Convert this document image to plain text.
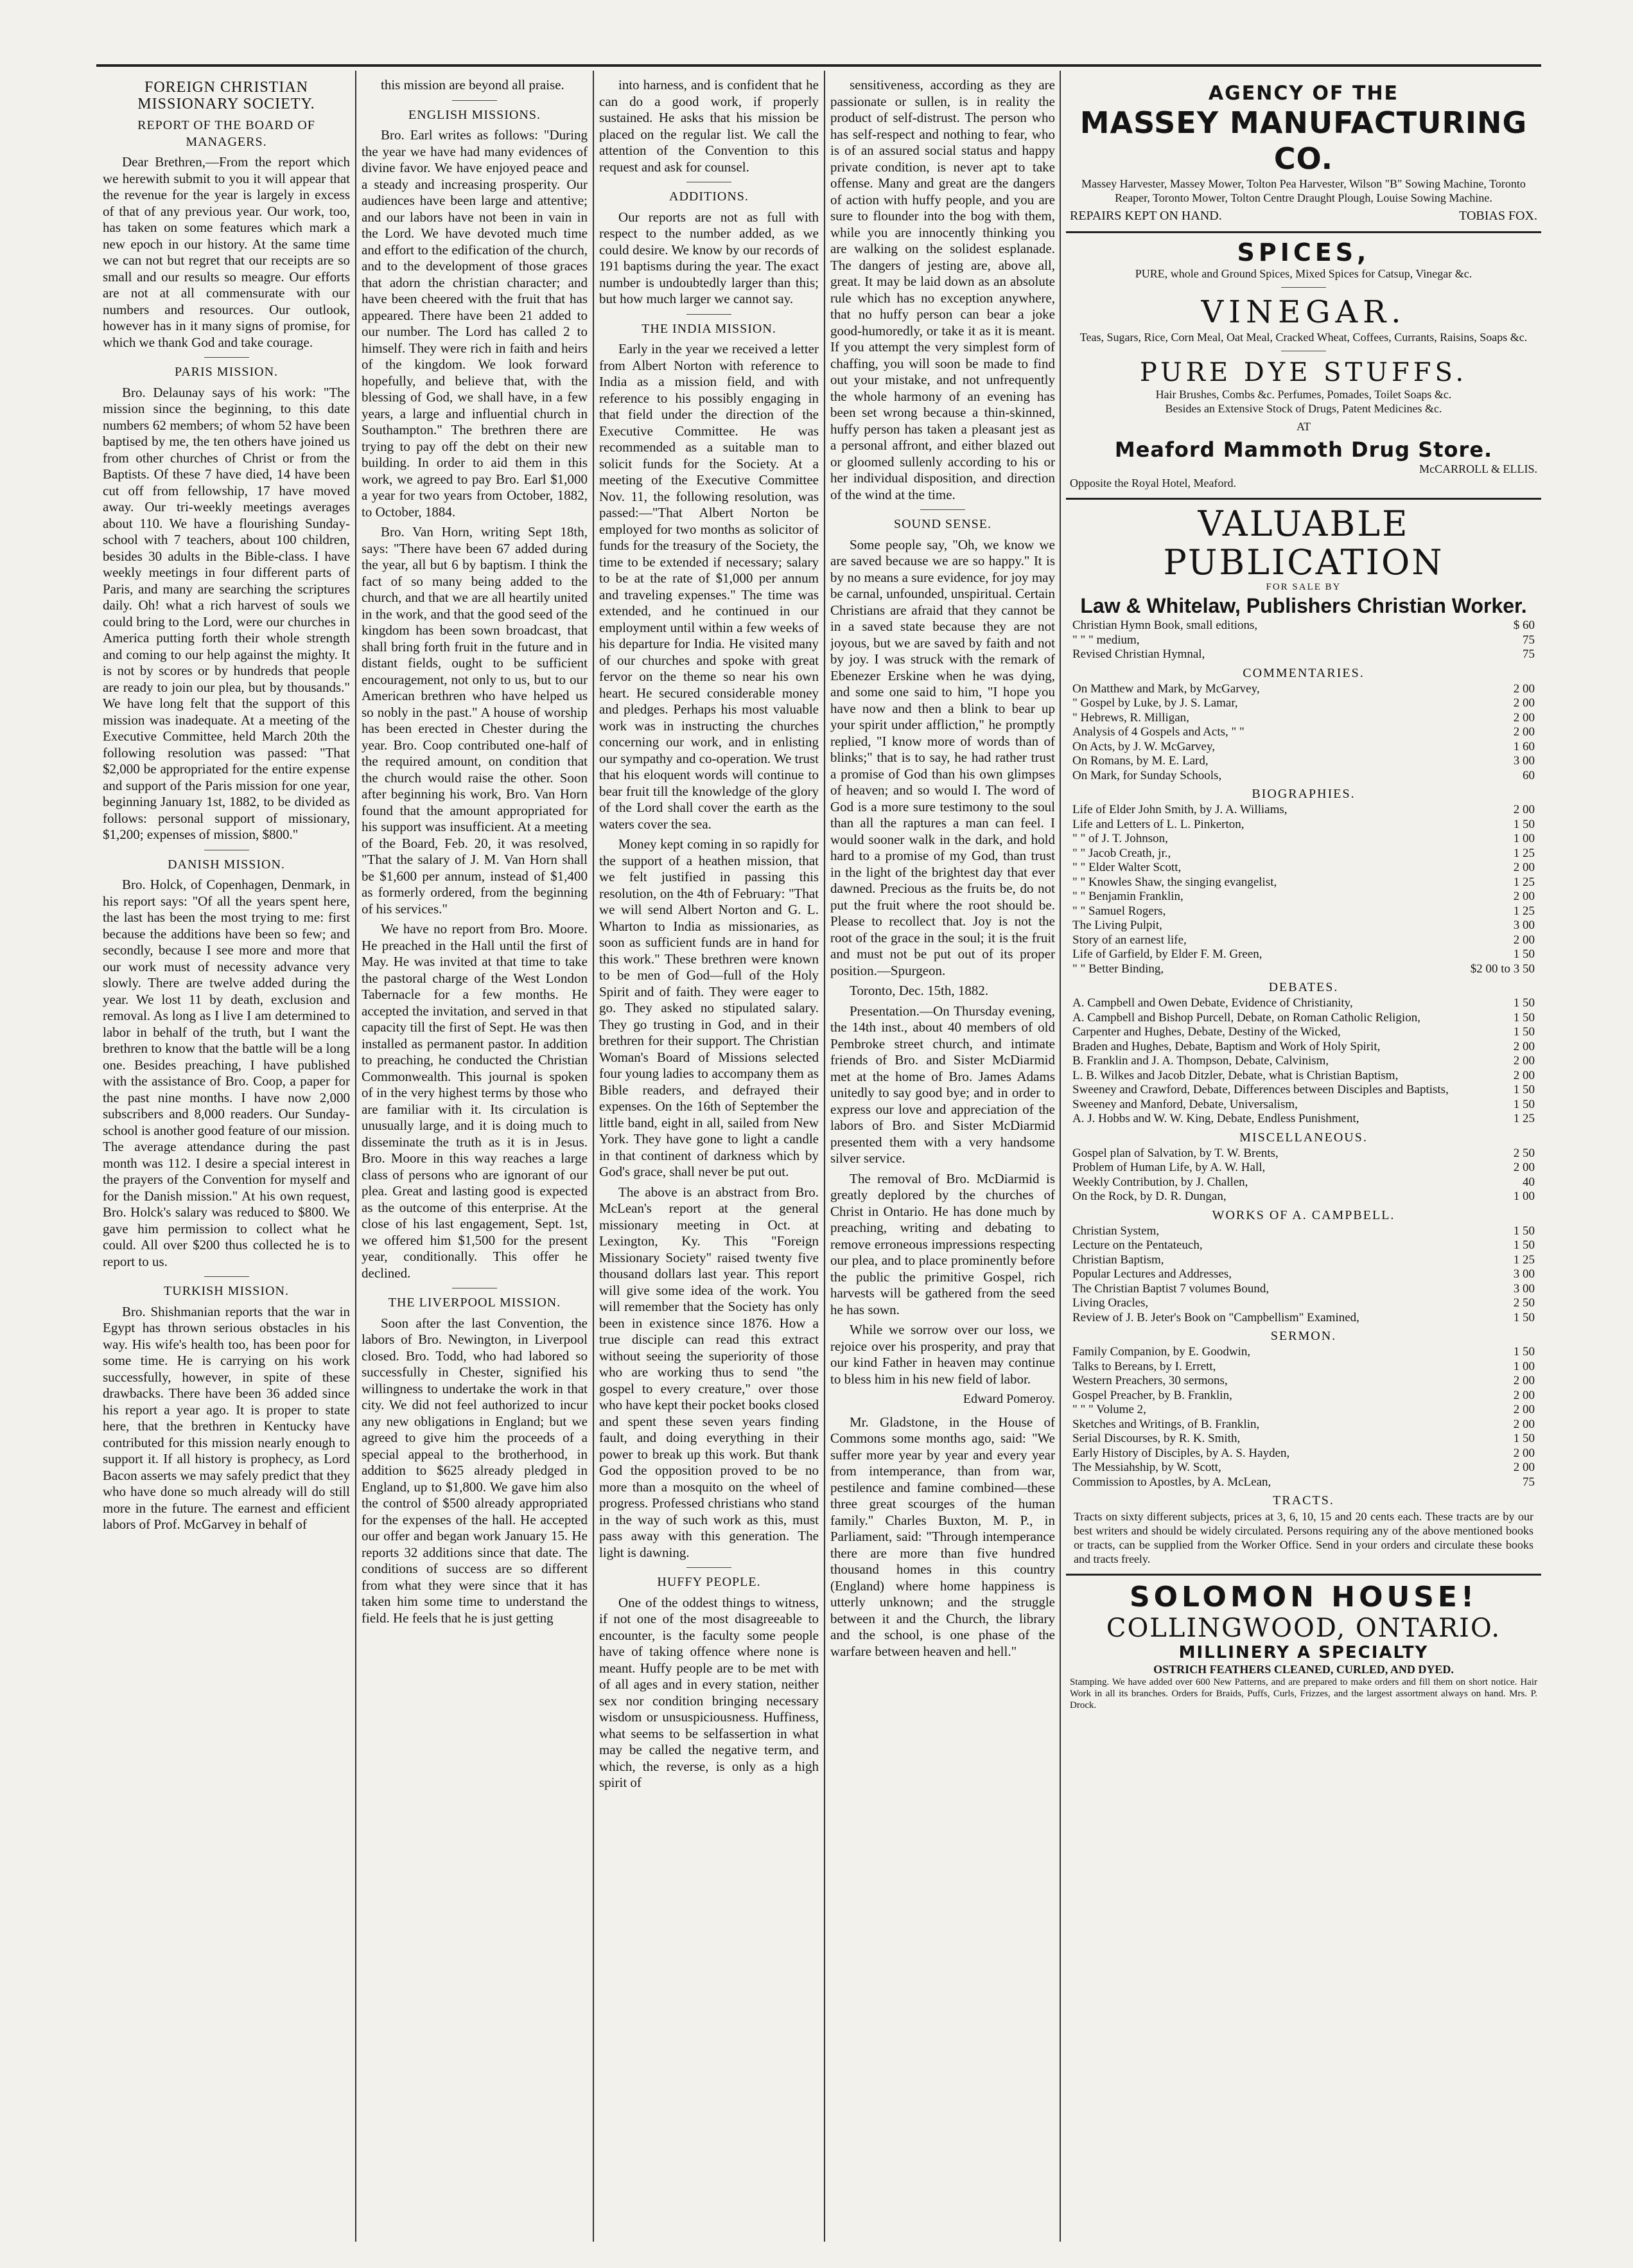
FOREIGN CHRISTIAN MISSIONARY SOCIETY.
REPORT OF THE BOARD OF MANAGERS.

Dear Brethren,—From the report which we herewith submit to you it will appear that the revenue for the year is largely in excess of that of any previous year. Our work, too, has taken on some features which mark a new epoch in our history. At the same time we can not but regret that our receipts are so small and our results so meagre. Our efforts are not at all commensurate with our numbers and resources. Our outlook, however has in it many signs of promise, for which we thank God and take courage.

PARIS MISSION.

Bro. Delaunay says of his work: "The mission since the beginning, to this date numbers 62 members; of whom 52 have been baptised by me, the ten others have joined us from other churches of Christ or from the Baptists. Of these 7 have died, 14 have been cut off from fellowship, 17 have moved away. Our tri-weekly meetings averages about 110. We have a flourishing Sunday-school with 7 teachers, about 100 children, besides 30 adults in the Bible-class. I have weekly meetings in four different parts of Paris, and many are searching the scriptures daily. Oh! what a rich harvest of souls we could bring to the Lord, were our churches in America putting forth their whole strength and coming to our help against the mighty. It is not by scores or by hundreds that people are ready to join our plea, but by thousands." We have long felt that the support of this mission was inadequate. At a meeting of the Executive Committee, held March 20th the following resolution was passed: "That $2,000 be appropriated for the entire expense and support of the Paris mission for one year, beginning January 1st, 1882, to be divided as follows: personal support of missionary, $1,200; expenses of mission, $800."

DANISH MISSION.

Bro. Holck, of Copenhagen, Denmark, in his report says: "Of all the years spent here, the last has been the most trying to me: first because the additions have been so few; and secondly, because I see more and more that our work must of necessity advance very slowly. There are twelve added during the year. We lost 11 by death, exclusion and removal. As long as I live I am determined to labor in behalf of the truth, but I want the brethren to know that the battle will be a long one. Besides preaching, I have published with the assistance of Bro. Coop, a paper for the past nine months. I have now 2,000 subscribers and 8,000 readers. Our Sunday-school is another good feature of our mission. The average attendance during the past month was 112. I desire a special interest in the prayers of the Convention for myself and for the Danish mission." At his own request, Bro. Holck's salary was reduced to $800. We gave him permission to collect what he could. All over $200 thus collected he is to report to us.

TURKISH MISSION.

Bro. Shishmanian reports that the war in Egypt has thrown serious obstacles in his way. His wife's health too, has been poor for some time. He is carrying on his work successfully, however, in spite of these drawbacks. There have been 36 added since his report a year ago. It is proper to state here, that the brethren in Kentucky have contributed for this mission nearly enough to support it. If all history is prophecy, as Lord Bacon asserts we may safely predict that they who have done so much already will do still more in the future. The earnest and efficient labors of Prof. McGarvey in behalf of

this mission are beyond all praise.

ENGLISH MISSIONS.

Bro. Earl writes as follows: "During the year we have had many evidences of divine favor. We have enjoyed peace and a steady and increasing prosperity. Our audiences have been large and attentive; and our labors have not been in vain in the Lord. We have devoted much time and effort to the edification of the church, and to the development of those graces that adorn the christian character; and have been cheered with the fruit that has appeared. There have been 21 added to our number. The Lord has called 2 to himself. They were rich in faith and heirs of the kingdom. We look forward hopefully, and believe that, with the blessing of God, we shall have, in a few years, a large and influential church in Southampton." The brethren there are trying to pay off the debt on their new building. In order to aid them in this work, we agreed to pay Bro. Earl $1,000 a year for two years from October, 1882, to October, 1884.

Bro. Van Horn, writing Sept 18th, says: "There have been 67 added during the year, all but 6 by baptism. I think the fact of so many being added to the church, and that we are all heartily united in the work, and that the good seed of the kingdom has been sown broadcast, that shall bring forth fruit in the future and in distant fields, ought to be sufficient encouragement, not only to us, but to our American brethren who have helped us so nobly in the past." A house of worship has been erected in Chester during the year. Bro. Coop contributed one-half of the required amount, on condition that the church would raise the other. Soon after beginning his work, Bro. Van Horn found that the amount appropriated for his support was insufficient. At a meeting of the Board, Feb. 20, it was resolved, "That the salary of J. M. Van Horn shall be $1,600 per annum, instead of $1,400 as formerly ordered, from the beginning of his services."

We have no report from Bro. Moore. He preached in the Hall until the first of May. He was invited at that time to take the pastoral charge of the West London Tabernacle for a few months. He accepted the invitation, and served in that capacity till the first of Sept. He was then installed as permanent pastor. In addition to preaching, he conducted the Christian Commonwealth. This journal is spoken of in the very highest terms by those who are familiar with it. Its circulation is unusually large, and it is doing much to disseminate the truth as it is in Jesus. Bro. Moore in this way reaches a large class of persons who are ignorant of our plea. Great and lasting good is expected as the outcome of this enterprise. At the close of his last engagement, Sept. 1st, we offered him $1,500 for the present year, conditionally. This offer he declined.

THE LIVERPOOL MISSION.

Soon after the last Convention, the labors of Bro. Newington, in Liverpool closed. Bro. Todd, who had labored so successfully in Chester, signified his willingness to undertake the work in that city. We did not feel authorized to incur any new obligations in England; but we agreed to give him the proceeds of a special appeal to the brotherhood, in addition to $625 already pledged in England, up to $1,800. We gave him also the control of $500 already appropriated for the expenses of the hall. He accepted our offer and began work January 15. He reports 32 additions since that date. The conditions of success are so different from what they were since that it has taken him some time to understand the field. He feels that he is just getting

into harness, and is confident that he can do a good work, if properly sustained. He asks that his mission be placed on the regular list. We call the attention of the Convention to this request and ask for counsel.

ADDITIONS.

Our reports are not as full with respect to the number added, as we could desire. We know by our records of 191 baptisms during the year. The exact number is undoubtedly larger than this; but how much larger we cannot say.

THE INDIA MISSION.

Early in the year we received a letter from Albert Norton with reference to India as a mission field, and with reference to his possibly engaging in that field under the direction of the Executive Committee. He was recommended as a suitable man to solicit funds for the Society. At a meeting of the Executive Committee Nov. 11, the following resolution, was passed:—"That Albert Norton be employed for two months as solicitor of funds for the treasury of the Society, the time to be extended if necessary; salary to be at the rate of $1,000 per annum and traveling expenses." The time was extended, and he continued in our employment until within a few weeks of his departure for India. He visited many of our churches and spoke with great fervor on the theme so near his own heart. He secured considerable money and pledges. Perhaps his most valuable work was in instructing the churches concerning our work, and in enlisting our sympathy and co-operation. We trust that his eloquent words will continue to bear fruit till the knowledge of the glory of the Lord shall cover the earth as the waters cover the sea.

Money kept coming in so rapidly for the support of a heathen mission, that we felt justified in passing this resolution, on the 4th of February: "That we will send Albert Norton and G. L. Wharton to India as missionaries, as soon as sufficient funds are in hand for this work." These brethren were known to be men of God—full of the Holy Spirit and of faith. They were eager to go. They asked no stipulated salary. They go trusting in God, and in their brethren for their support. The Christian Woman's Board of Missions selected four young ladies to accompany them as Bible readers, and defrayed their expenses. On the 16th of September the little band, eight in all, sailed from New York. They have gone to light a candle in that continent of darkness which by God's grace, shall never be put out.

The above is an abstract from Bro. McLean's report at the general missionary meeting in Oct. at Lexington, Ky. This "Foreign Missionary Society" raised twenty five thousand dollars last year. This report will give some idea of the work. You will remember that the Society has only been in existence since 1876. How a true disciple can read this extract without seeing the superiority of those who are working thus to send "the gospel to every creature," over those who have kept their pocket books closed and spent these seven years finding fault, and doing everything in their power to break up this work. But thank God the opposition proved to be no more than a mosquito on the wheel of progress. Professed christians who stand in the way of such work as this, must pass away with this generation. The light is dawning.

HUFFY PEOPLE.

One of the oddest things to witness, if not one of the most disagreeable to encounter, is the faculty some people have of taking offence where none is meant. Huffy people are to be met with of all ages and in every station, neither sex nor condition bringing necessary wisdom or unsuspiciousness. Huffiness, what seems to be selfassertion in what may be called the negative term, and which, the reverse, is only as a high spirit of

sensitiveness, according as they are passionate or sullen, is in reality the product of self-distrust. The person who has self-respect and nothing to fear, who is of an assured social status and happy private condition, is never apt to take offense. Many and great are the dangers of action with huffy people, and you are sure to flounder into the bog with them, while you are innocently thinking you are walking on the solidest esplanade. The dangers of jesting are, above all, great. It may be laid down as an absolute rule which has no exception anywhere, that no huffy person can bear a joke good-humoredly, or take it as it is meant. If you attempt the very simplest form of chaffing, you will soon be made to find out your mistake, and not unfrequently the whole harmony of an evening has been set wrong because a thin-skinned, huffy person has taken a pleasant jest as a personal affront, and either blazed out or gloomed sullenly according to his or her individual disposition, and direction of the wind at the time.

SOUND SENSE.

Some people say, "Oh, we know we are saved because we are so happy." It is by no means a sure evidence, for joy may be carnal, unfounded, unspiritual. Certain Christians are afraid that they cannot be in a saved state because they are not joyous, but we are saved by faith and not by joy. I was struck with the remark of Ebenezer Erskine when he was dying, and some one said to him, "I hope you have now and then a blink to bear up your spirit under affliction," he promptly replied, "I know more of words than of blinks;" that is to say, he had rather trust a promise of God than his own glimpses of heaven; and so would I. The word of God is a more sure testimony to the soul than all the raptures a man can feel. I would sooner walk in the dark, and hold hard to a promise of my God, than trust in the light of the brightest day that ever dawned. Precious as the fruits be, do not put the fruit where the root should be. Please to recollect that. Joy is not the root of the grace in the soul; it is the fruit and must not be put out of its proper position.—Spurgeon.

Toronto, Dec. 15th, 1882.

Presentation.—On Thursday evening, the 14th inst., about 40 members of old Pembroke street church, and intimate friends of Bro. and Sister McDiarmid met at the home of Bro. James Adams unitedly to say good bye; and in order to express our love and appreciation of the labors of Bro. and Sister McDiarmid presented them with a very handsome silver service.

The removal of Bro. McDiarmid is greatly deplored by the churches of Christ in Ontario. He has done much by preaching, writing and debating to remove erroneous impressions respecting our plea, and to place prominently before the public the primitive Gospel, rich harvests will be gathered from the seed he has sown.

While we sorrow over our loss, we rejoice over his prosperity, and pray that our kind Father in heaven may continue to bless him in his new field of labor.

Edward Pomeroy.

Mr. Gladstone, in the House of Commons some months ago, said: "We suffer more year by year and every year from intemperance, than from war, pestilence and famine combined—these three great scourges of the human family." Charles Buxton, M. P., in Parliament, said: "Through intemperance there are more than five hundred thousand homes in this country (England) where home happiness is utterly unknown; and the struggle between it and the Church, the library and the school, is one phase of the warfare between heaven and hell."

AGENCY OF THE
MASSEY MANUFACTURING CO.
Massey Harvester, Massey Mower, Tolton Pea Harvester, Wilson "B" Sowing Machine, Toronto Reaper, Toronto Mower, Tolton Centre Draught Plough, Louise Sowing Machine.
REPAIRS KEPT ON HAND.	TOBIAS FOX.
SPICES,
PURE, whole and Ground Spices, Mixed Spices for Catsup, Vinegar &c.
VINEGAR.
Teas, Sugars, Rice, Corn Meal, Oat Meal, Cracked Wheat, Coffees, Currants, Raisins, Soaps &c.
PURE DYE STUFFS.
Hair Brushes, Combs &c. Perfumes, Pomades, Toilet Soaps &c.
Besides an Extensive Stock of Drugs, Patent Medicines &c.
AT
Meaford Mammoth Drug Store.
McCARROLL & ELLIS.
Opposite the Royal Hotel, Meaford.
VALUABLE PUBLICATION
FOR SALE BY
Law & Whitelaw, Publishers Christian Worker.
Christian Hymn Book, small editions,	$ 60
" " " medium,	75
Revised Christian Hymnal,	75
COMMENTARIES.
On Matthew and Mark, by McGarvey,	2 00
" Gospel by Luke, by J. S. Lamar,	2 00
" Hebrews, R. Milligan,	2 00
Analysis of 4 Gospels and Acts, " "	2 00
On Acts, by J. W. McGarvey,	1 60
On Romans, by M. E. Lard,	3 00
On Mark, for Sunday Schools,	60
BIOGRAPHIES.
Life of Elder John Smith, by J. A. Williams,	2 00
Life and Letters of L. L. Pinkerton,	1 50
" " of J. T. Johnson,	1 00
" " Jacob Creath, jr.,	1 25
" " Elder Walter Scott,	2 00
" " Knowles Shaw, the singing evangelist,	1 25
" " Benjamin Franklin,	2 00
" " Samuel Rogers,	1 25
The Living Pulpit,	3 00
Story of an earnest life,	2 00
Life of Garfield, by Elder F. M. Green,	1 50
" " Better Binding,	$2 00 to 3 50
DEBATES.
A. Campbell and Owen Debate, Evidence of Christianity,	1 50
A. Campbell and Bishop Purcell, Debate, on Roman Catholic Religion,	1 50
Carpenter and Hughes, Debate, Destiny of the Wicked,	1 50
Braden and Hughes, Debate, Baptism and Work of Holy Spirit,	2 00
B. Franklin and J. A. Thompson, Debate, Calvinism,	2 00
L. B. Wilkes and Jacob Ditzler, Debate, what is Christian Baptism,	2 00
Sweeney and Crawford, Debate, Differences between Disciples and Baptists,	1 50
Sweeney and Manford, Debate, Universalism,	1 50
A. J. Hobbs and W. W. King, Debate, Endless Punishment,	1 25
MISCELLANEOUS.
Gospel plan of Salvation, by T. W. Brents,	2 50
Problem of Human Life, by A. W. Hall,	2 00
Weekly Contribution, by J. Challen,	40
On the Rock, by D. R. Dungan,	1 00
WORKS OF A. CAMPBELL.
Christian System,	1 50
Lecture on the Pentateuch,	1 50
Christian Baptism,	1 25
Popular Lectures and Addresses,	3 00
The Christian Baptist 7 volumes Bound,	3 00
Living Oracles,	2 50
Review of J. B. Jeter's Book on "Campbellism" Examined,	1 50
SERMON.
Family Companion, by E. Goodwin,	1 50
Talks to Bereans, by I. Errett,	1 00
Western Preachers, 30 sermons,	2 00
Gospel Preacher, by B. Franklin,	2 00
" " " Volume 2,	2 00
Sketches and Writings, of B. Franklin,	2 00
Serial Discourses, by R. K. Smith,	1 50
Early History of Disciples, by A. S. Hayden,	2 00
The Messiahship, by W. Scott,	2 00
Commission to Apostles, by A. McLean,	75
TRACTS.
Tracts on sixty different subjects, prices at 3, 6, 10, 15 and 20 cents each. These tracts are by our best writers and should be widely circulated. Persons requiring any of the above mentioned books or tracts, can be supplied from the Worker Office. Send in your orders and circulate these books and tracts freely.
SOLOMON HOUSE!
COLLINGWOOD, ONTARIO.
MILLINERY A SPECIALTY
OSTRICH FEATHERS CLEANED, CURLED, AND DYED.
Stamping. We have added over 600 New Patterns, and are prepared to make orders and fill them on short notice. Hair Work in all its branches. Orders for Braids, Puffs, Curls, Frizzes, and the largest assortment always on hand. Mrs. P. Drock.
